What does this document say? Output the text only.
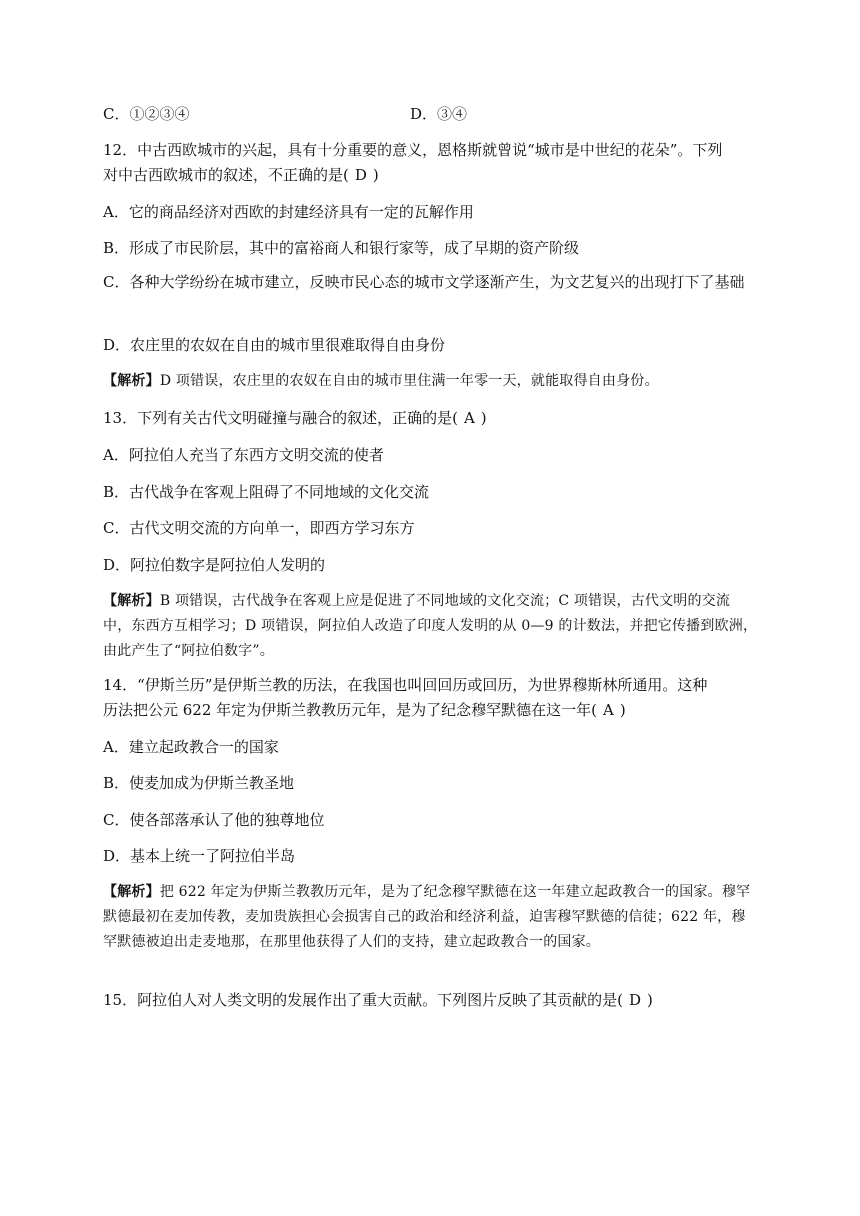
C．①②③④	D．③④
12．中古西欧城市的兴起，具有十分重要的意义，恩格斯就曾说“城市是中世纪的花朵”。下列
对中古西欧城市的叙述，不正确的是( D )
A．它的商品经济对西欧的封建经济具有一定的瓦解作用
B．形成了市民阶层，其中的富裕商人和银行家等，成了早期的资产阶级
C．各种大学纷纷在城市建立，反映市民心态的城市文学逐渐产生，为文艺复兴的出现打下了基础
D．农庄里的农奴在自由的城市里很难取得自由身份
【解析】D 项错误，农庄里的农奴在自由的城市里住满一年零一天，就能取得自由身份。
13．下列有关古代文明碰撞与融合的叙述，正确的是( A )
A．阿拉伯人充当了东西方文明交流的使者
B．古代战争在客观上阻碍了不同地域的文化交流
C．古代文明交流的方向单一，即西方学习东方
D．阿拉伯数字是阿拉伯人发明的
【解析】B 项错误，古代战争在客观上应是促进了不同地域的文化交流；C 项错误，古代文明的交流中，东西方互相学习；D 项错误，阿拉伯人改造了印度人发明的从 0—9 的计数法，并把它传播到欧洲，由此产生了“阿拉伯数字”。
14．“伊斯兰历”是伊斯兰教的历法，在我国也叫回回历或回历，为世界穆斯林所通用。这种
历法把公元 622 年定为伊斯兰教教历元年，是为了纪念穆罕默德在这一年( A )
A．建立起政教合一的国家
B．使麦加成为伊斯兰教圣地
C．使各部落承认了他的独尊地位
D．基本上统一了阿拉伯半岛
【解析】把 622 年定为伊斯兰教教历元年，是为了纪念穆罕默德在这一年建立起政教合一的国家。穆罕默德最初在麦加传教，麦加贵族担心会损害自己的政治和经济利益，迫害穆罕默德的信徒；622 年，穆罕默德被迫出走麦地那，在那里他获得了人们的支持，建立起政教合一的国家。
15．阿拉伯人对人类文明的发展作出了重大贡献。下列图片反映了其贡献的是( D )
